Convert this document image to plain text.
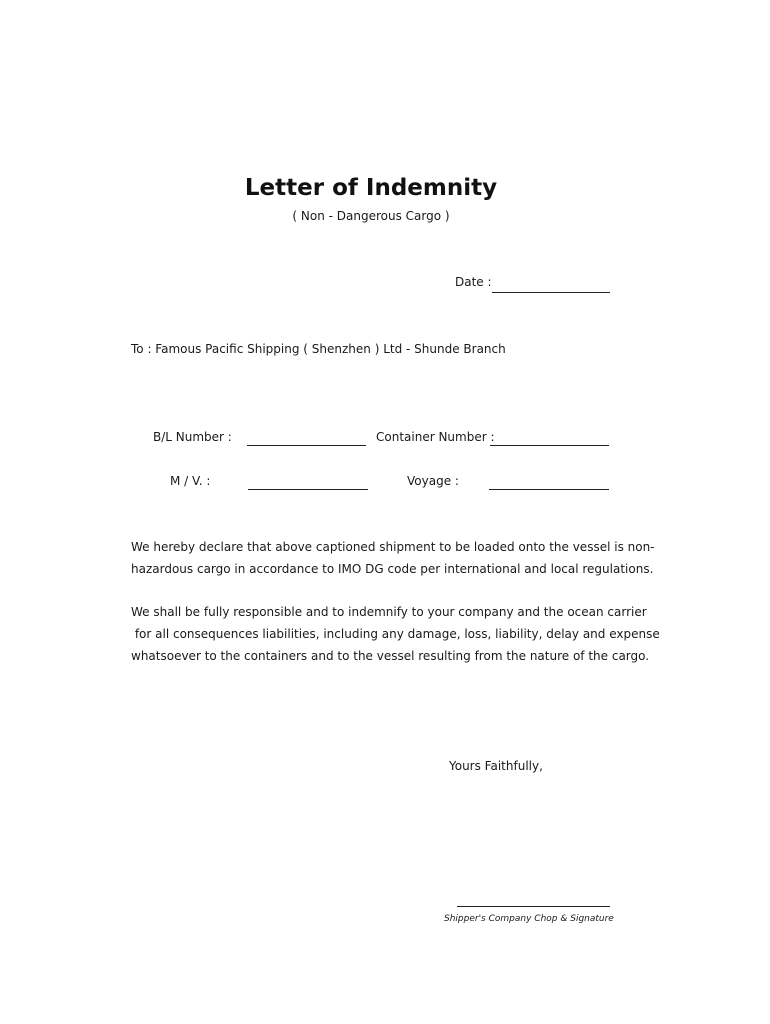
Letter of Indemnity
( Non - Dangerous Cargo )
Date :
To : Famous Pacific Shipping ( Shenzhen ) Ltd - Shunde Branch
B/L Number :	Container Number :
M / V. :	Voyage :
We hereby declare that above captioned shipment to be loaded onto the vessel is non-
hazardous cargo in accordance to IMO DG code per international and local regulations.
We shall be fully responsible and to indemnify to your company and the ocean carrier
for all consequences liabilities, including any damage, loss, liability, delay and expense
whatsoever to the containers and to the vessel resulting from the nature of the cargo.
Yours Faithfully,
Shipper's Company Chop & Signature
